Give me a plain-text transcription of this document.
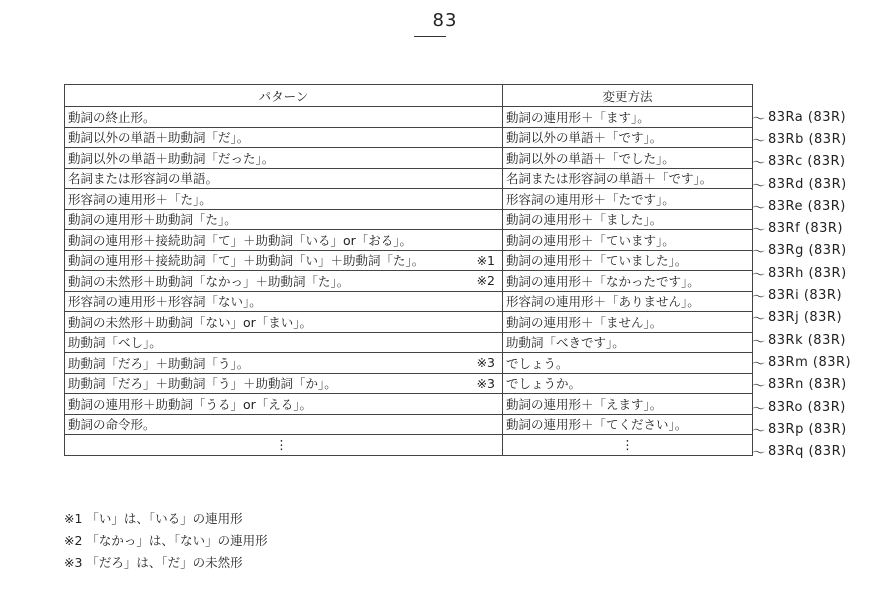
83
パターン	変更方法

動詞の終止形。	動詞の連用形＋「ます」。

動詞以外の単語＋助動詞「だ」。	動詞以外の単語＋「です」。

動詞以外の単語＋助動詞「だった」。	動詞以外の単語＋「でした」。

名詞または形容詞の単語。	名詞または形容詞の単語＋「です」。

形容詞の連用形＋「た」。	形容詞の連用形＋「たです」。

動詞の連用形＋助動詞「た」。	動詞の連用形＋「ました」。

動詞の連用形＋接続助詞「て」＋助動詞「いる」or「おる」。	動詞の連用形＋「ています」。

動詞の連用形＋接続助詞「て」＋助動詞「い」＋助動詞「た」。 ※1	動詞の連用形＋「ていました」。

動詞の未然形＋助動詞「なかっ」＋助動詞「た」。 ※2	動詞の連用形＋「なかったです」。

形容詞の連用形＋形容詞「ない」。	形容詞の連用形＋「ありません」。

動詞の未然形＋助動詞「ない」or「まい」。	動詞の連用形＋「ません」。

助動詞「べし」。	助動詞「べきです」。

助動詞「だろ」＋助動詞「う」。 ※3	でしょう。

助動詞「だろ」＋助動詞「う」＋助動詞「か」。 ※3	でしょうか。

動詞の連用形＋助動詞「うる」or「える」。	動詞の連用形＋「えます」。

動詞の命令形。	動詞の連用形＋「てください」。

⋮	⋮
〜 83Ra (83R)
〜 83Rb (83R)
〜 83Rc (83R)
〜 83Rd (83R)
〜 83Re (83R)
〜 83Rf (83R)
〜 83Rg (83R)
〜 83Rh (83R)
〜 83Ri (83R)
〜 83Rj (83R)
〜 83Rk (83R)
〜 83Rm (83R)
〜 83Rn (83R)
〜 83Ro (83R)
〜 83Rp (83R)
〜 83Rq (83R)
※1 「い」は、「いる」の連用形
※2 「なかっ」は、「ない」の連用形
※3 「だろ」は、「だ」の未然形
